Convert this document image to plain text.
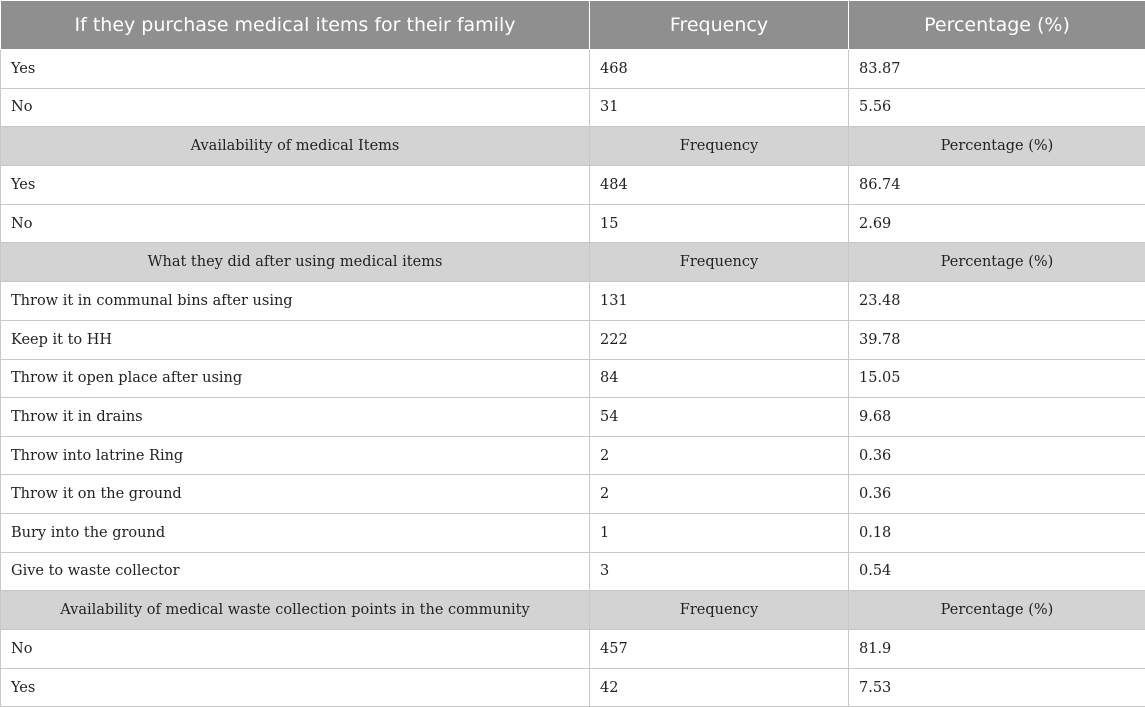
If they purchase medical items for their family	Frequency	Percentage (%)
Yes	468	83.87
No	31	5.56
Availability of medical Items	Frequency	Percentage (%)
Yes	484	86.74
No	15	2.69
What they did after using medical items	Frequency	Percentage (%)
Throw it in communal bins after using	131	23.48
Keep it to HH	222	39.78
Throw it open place after using	84	15.05
Throw it in drains	54	9.68
Throw into latrine Ring	2	0.36
Throw it on the ground	2	0.36
Bury into the ground	1	0.18
Give to waste collector	3	0.54
Availability of medical waste collection points in the community	Frequency	Percentage (%)
No	457	81.9
Yes	42	7.53
